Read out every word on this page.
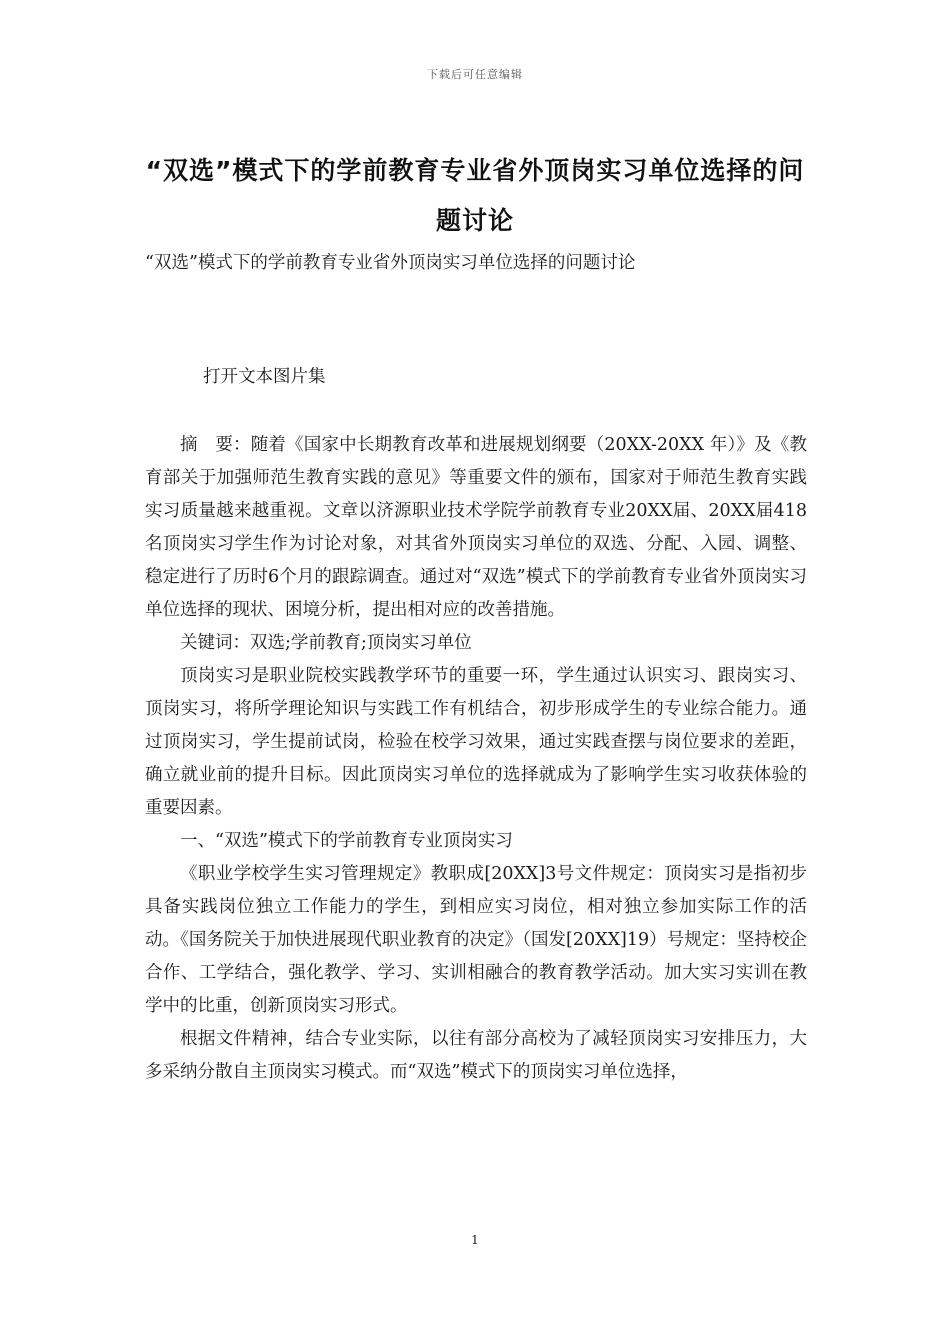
下载后可任意编辑
“双选”模式下的学前教育专业省外顶岗实习单位选择的问题讨论
“双选”模式下的学前教育专业省外顶岗实习单位选择的问题讨论
打开文本图片集

摘　要：随着《国家中长期教育改革和进展规划纲要（20XX-20XX 年）》及《教育部关于加强师范生教育实践的意见》等重要文件的颁布，国家对于师范生教育实践实习质量越来越重视。文章以济源职业技术学院学前教育专业20XX届、20XX届418名顶岗实习学生作为讨论对象，对其省外顶岗实习单位的双选、分配、入园、调整、稳定进行了历时6个月的跟踪调查。通过对“双选”模式下的学前教育专业省外顶岗实习单位选择的现状、困境分析，提出相对应的改善措施。

关键词：双选;学前教育;顶岗实习单位

顶岗实习是职业院校实践教学环节的重要一环，学生通过认识实习、跟岗实习、顶岗实习，将所学理论知识与实践工作有机结合，初步形成学生的专业综合能力。通过顶岗实习，学生提前试岗，检验在校学习效果，通过实践查摆与岗位要求的差距，确立就业前的提升目标。因此顶岗实习单位的选择就成为了影响学生实习收获体验的重要因素。

一、“双选”模式下的学前教育专业顶岗实习

《职业学校学生实习管理规定》教职成[20XX]3号文件规定：顶岗实习是指初步具备实践岗位独立工作能力的学生，到相应实习岗位，相对独立参加实际工作的活动。《国务院关于加快进展现代职业教育的决定》（国发[20XX]19）号规定：坚持校企合作、工学结合，强化教学、学习、实训相融合的教育教学活动。加大实习实训在教学中的比重，创新顶岗实习形式。

根据文件精神，结合专业实际，以往有部分高校为了减轻顶岗实习安排压力，大多采纳分散自主顶岗实习模式。而“双选”模式下的顶岗实习单位选择，

1
